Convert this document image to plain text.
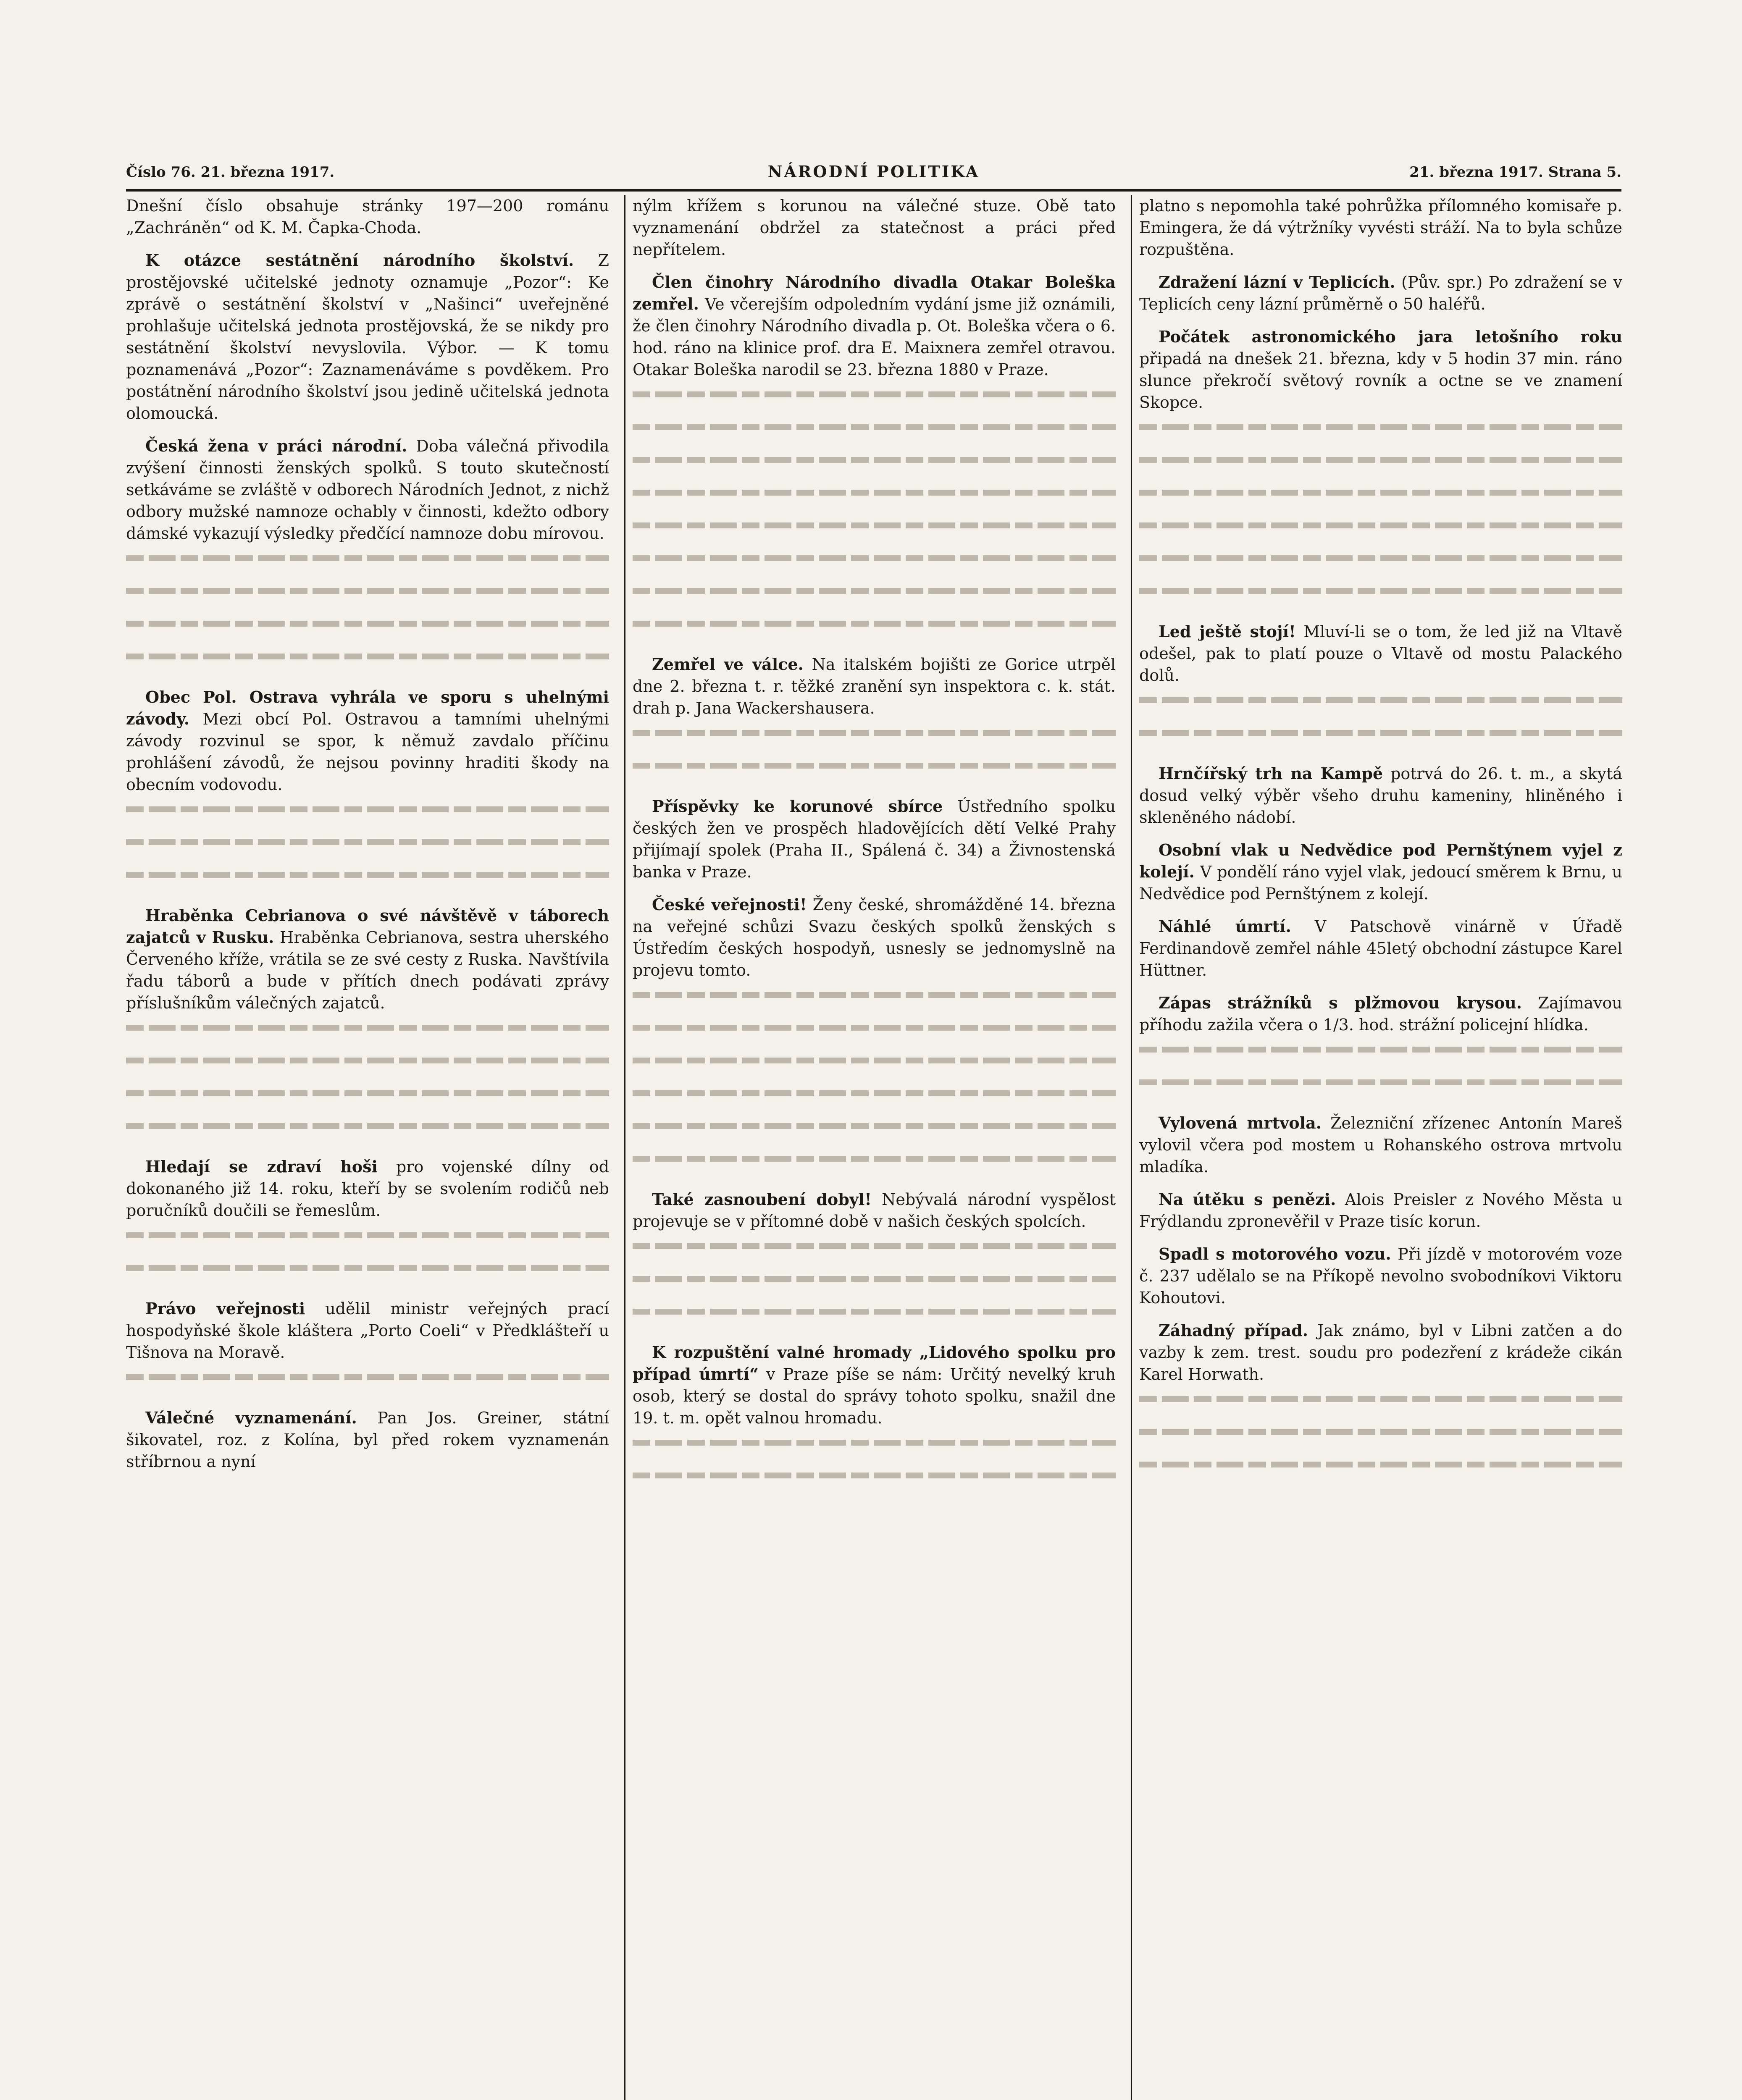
Číslo 76. 21. března 1917.	NÁRODNÍ POLITIKA	21. března 1917. Strana 5.

Dnešní číslo obsahuje stránky 197—200 románu „Zachráněn“ od K. M. Čapka-Choda.

K otázce sestátnění národního školství. Z prostějovské učitelské jednoty oznamuje „Pozor“: Ke zprávě o sestátnění školství v „Našinci“ uveřejněné prohlašuje učitelská jednota prostějovská, že se nikdy pro sestátnění školství nevyslovila. Výbor. — K tomu poznamenává „Pozor“: Zaznamenáváme s povděkem. Pro postátnění národního školství jsou jedině učitelská jednota olomoucká.

Česká žena v práci národní. Doba válečná přivodila zvýšení činnosti ženských spolků. S touto skutečností setkáváme se zvláště v odborech Národních Jednot, z nichž odbory mužské namnoze ochably v činnosti, kdežto odbory dámské vykazují výsledky předčící namnoze dobu mírovou.

Obec Pol. Ostrava vyhrála ve sporu s uhelnými závody. Mezi obcí Pol. Ostravou a tamními uhelnými závody rozvinul se spor, k němuž zavdalo příčinu prohlášení závodů, že nejsou povinny hraditi škody na obecním vodovodu.

Hraběnka Cebrianova o své návštěvě v táborech zajatců v Rusku. Hraběnka Cebrianova, sestra uherského Červeného kříže, vrátila se ze své cesty z Ruska. Navštívila řadu táborů a bude v přítích dnech podávati zprávy příslušníkům válečných zajatců.

Hledají se zdraví hoši pro vojenské dílny od dokonaného již 14. roku, kteří by se svolením rodičů neb poručníků doučili se řemeslům.

Právo veřejnosti udělil ministr veřejných prací hospodyňské škole kláštera „Porto Coeli“ v Předklášteří u Tišnova na Moravě.

Válečné vyznamenání. Pan Jos. Greiner, státní šikovatel, roz. z Kolína, byl před rokem vyznamenán stříbrnou a nyní

nýlm křížem s korunou na válečné stuze. Obě tato vyznamenání obdržel za statečnost a práci před nepřítelem.

Člen činohry Národního divadla Otakar Boleška zemřel. Ve včerejším odpoledním vydání jsme již oznámili, že člen činohry Národního divadla p. Ot. Boleška včera o 6. hod. ráno na klinice prof. dra E. Maixnera zemřel otravou. Otakar Boleška narodil se 23. března 1880 v Praze.

Zemřel ve válce. Na italském bojišti ze Gorice utrpěl dne 2. března t. r. těžké zranění syn inspektora c. k. stát. drah p. Jana Wackershausera.

Příspěvky ke korunové sbírce Ústředního spolku českých žen ve prospěch hladovějících dětí Velké Prahy přijímají spolek (Praha II., Spálená č. 34) a Živnostenská banka v Praze.

České veřejnosti! Ženy české, shromážděné 14. března na veřejné schůzi Svazu českých spolků ženských s Ústředím českých hospodyň, usnesly se jednomyslně na projevu tomto.

Také zasnoubení dobyl! Nebývalá národní vyspělost projevuje se v přítomné době v našich českých spolcích.

K rozpuštění valné hromady „Lidového spolku pro případ úmrtí“ v Praze píše se nám: Určitý nevelký kruh osob, který se dostal do správy tohoto spolku, snažil dne 19. t. m. opět valnou hromadu.

platno s nepomohla také pohrůžka přílomného komisaře p. Emingera, že dá výtržníky vyvésti stráží. Na to byla schůze rozpuštěna.

Zdražení lázní v Teplicích. (Pův. spr.) Po zdražení se v Teplicích ceny lázní průměrně o 50 haléřů.

Počátek astronomického jara letošního roku připadá na dnešek 21. března, kdy v 5 hodin 37 min. ráno slunce překročí světový rovník a octne se ve znamení Skopce.

Led ještě stojí! Mluví-li se o tom, že led již na Vltavě odešel, pak to platí pouze o Vltavě od mostu Palackého dolů.

Hrnčířský trh na Kampě potrvá do 26. t. m., a skytá dosud velký výběr všeho druhu kameniny, hliněného i skleněného nádobí.

Osobní vlak u Nedvědice pod Pernštýnem vyjel z kolejí. V pondělí ráno vyjel vlak, jedoucí směrem k Brnu, u Nedvědice pod Pernštýnem z kolejí.

Náhlé úmrtí. V Patschově vinárně v Úřadě Ferdinandově zemřel náhle 45letý obchodní zástupce Karel Hüttner.

Zápas strážníků s plžmovou krysou. Zajímavou příhodu zažila včera o 1/3. hod. strážní policejní hlídka.

Vylovená mrtvola. Železniční zřízenec Antonín Mareš vylovil včera pod mostem u Rohanského ostrova mrtvolu mladíka.

Na útěku s penězi. Alois Preisler z Nového Města u Frýdlandu zpronevěřil v Praze tisíc korun.

Spadl s motorového vozu. Při jízdě v motorovém voze č. 237 udělalo se na Příkopě nevolno svobodníkovi Viktoru Kohoutovi.

Záhadný případ. Jak známo, byl v Libni zatčen a do vazby k zem. trest. soudu pro podezření z krádeže cikán Karel Horwath.
